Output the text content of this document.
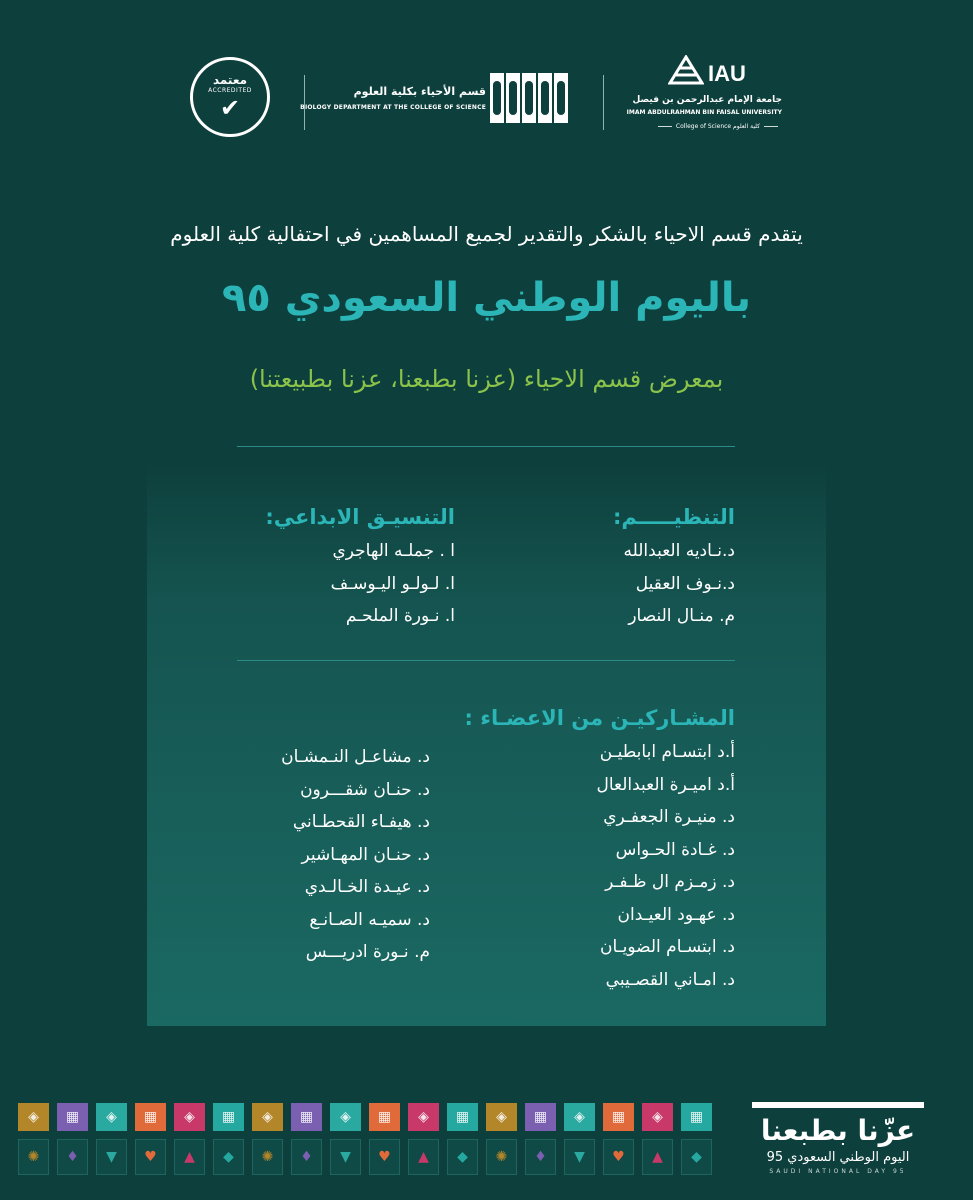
معتمد
ACCREDITED
✔
قسم الأحياء بكلية العلوم
BIOLOGY DEPARTMENT AT THE COLLEGE OF SCIENCE
IAU
جامعة الإمام عبدالرحمن بن فيصل
IMAM ABDULRAHMAN BIN FAISAL UNIVERSITY
College of Science كلية العلوم
يتقدم قسم الاحياء بالشكر والتقدير لجميع المساهمين في احتفالية كلية العلوم
باليوم الوطني السعودي ٩٥
بمعرض قسم الاحياء (عزنا بطبعنا، عزنا بطبيعتنا)
التنظيـــــم:
د.نـاديه العبدالله
د.نـوف العقيل
م. منـال النصار
التنسيـق الابداعي:
ا . جملـه الهاجري
ا. لـولـو اليـوسـف
ا. نـورة الملحـم
المشـاركيـن من الاعضـاء :
أ.د ابتسـام ابابطيـن
أ.د اميـرة العبدالعال
د. منيـرة الجعفـري
د. غـادة الحـواس
د. زمـزم ال ظـفـر
د. عهـود العيـدان
د. ابتسـام الضويـان
د. امـاني القصـيبي
د. مشاعـل النـمشـان
د. حنـان شقـــرون
د. هيفـاء القحطـاني
د. حنـان المهـاشير
د. عيـدة الخـالـدي
د. سميـه الصـانـع
م. نـورة ادريـــس
◈	▦	◈	▦	◈	▦	◈	▦	◈	▦	◈	▦	◈	▦	◈	▦	◈	▦
✺	♦	▼	♥	▲	◆	✺	♦	▼	♥	▲	◆	✺	♦	▼	♥	▲	◆
عزّنا بطبعنا
اليوم الوطني السعودي 95
SAUDI NATIONAL DAY 95
